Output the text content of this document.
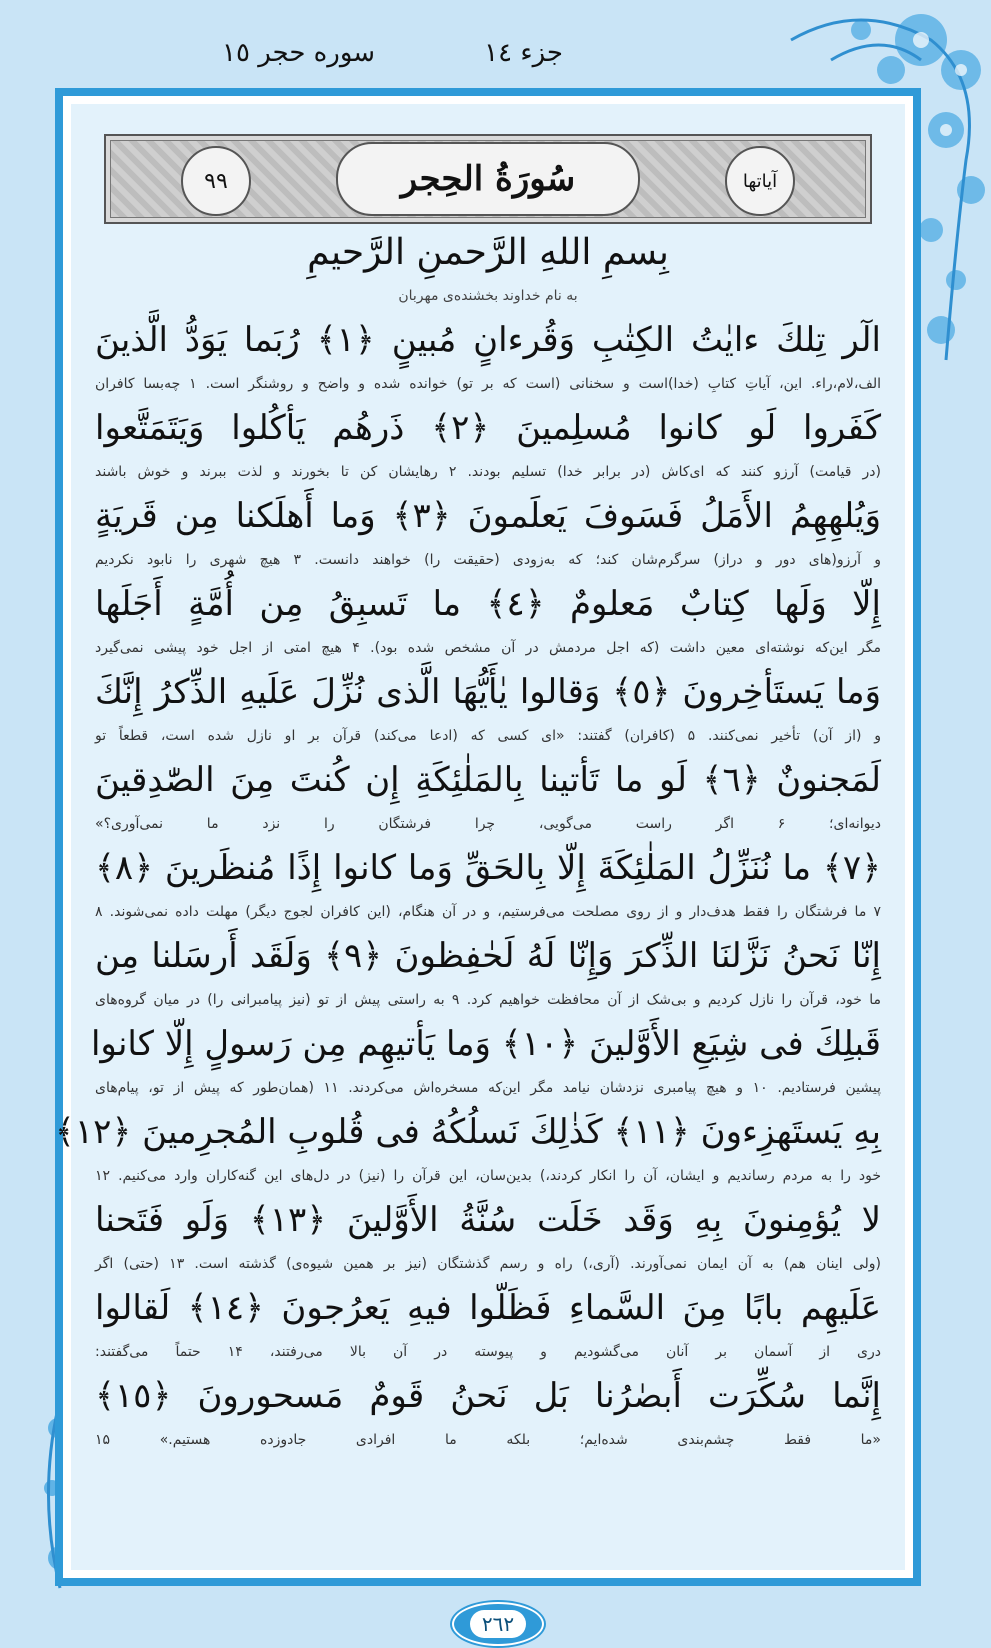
جزء ١٤
سوره حجر ١٥
٩٩	سُورَةُ الحِجر	آیاتها
بِسمِ اللهِ الرَّحمنِ الرَّحيمِ
به نام خداوند بخشنده‌ی مهربان
الٓر تِلكَ ءايٰتُ الكِتٰبِ وَقُرءانٍ مُبينٍ ﴿١﴾ رُبَما يَوَدُّ الَّذينَ
الف،لام،راء. این، آیاتِ کتابِ (خدا)است و سخنانی (است که بر تو) خوانده شده و واضح و روشنگر است. ۱ چه‌بسا کافران
كَفَروا لَو كانوا مُسلِمينَ ﴿٢﴾ ذَرهُم يَأكُلوا وَيَتَمَتَّعوا
(در قیامت) آرزو کنند که ای‌کاش (در برابر خدا) تسلیم بودند. ۲ رهایشان کن تا بخورند و لذت ببرند و خوش باشند
وَيُلهِهِمُ الأَمَلُ فَسَوفَ يَعلَمونَ ﴿٣﴾ وَما أَهلَكنا مِن قَريَةٍ
و آرزو(های دور و دراز) سرگرم‌شان کند؛ که به‌زودی (حقیقت را) خواهند دانست. ۳ هیچ شهری را نابود نکردیم
إِلّا وَلَها كِتابٌ مَعلومٌ ﴿٤﴾ ما تَسبِقُ مِن أُمَّةٍ أَجَلَها
مگر این‌که نوشته‌ای معین داشت (که اجل مردمش در آن مشخص شده بود). ۴ هیچ امتی از اجل خود پیشی نمی‌گیرد
وَما يَستَأخِرونَ ﴿٥﴾ وَقالوا يٰأَيُّهَا الَّذى نُزِّلَ عَلَيهِ الذِّكرُ إِنَّكَ
و (از آن) تأخیر نمی‌کنند. ۵ (کافران) گفتند: «ای کسی که (ادعا می‌کند) قرآن بر او نازل شده است، قطعاً تو
لَمَجنونٌ ﴿٦﴾ لَو ما تَأتينا بِالمَلٰئِكَةِ إِن كُنتَ مِنَ الصّٰدِقينَ
دیوانه‌ای؛ ۶ اگر راست می‌گویی، چرا فرشتگان را نزد ما نمی‌آوری؟»
﴿٧﴾ ما نُنَزِّلُ المَلٰئِكَةَ إِلّا بِالحَقِّ وَما كانوا إِذًا مُنظَرينَ ﴿٨﴾
۷ ما فرشتگان را فقط هدف‌دار و از روی مصلحت می‌فرستیم، و در آن هنگام، (این کافران لجوج دیگر) مهلت داده نمی‌شوند. ۸
إِنّا نَحنُ نَزَّلنَا الذِّكرَ وَإِنّا لَهُ لَحٰفِظونَ ﴿٩﴾ وَلَقَد أَرسَلنا مِن
ما خود، قرآن را نازل کردیم و بی‌شک از آن محافظت خواهیم کرد. ۹ به راستی پیش از تو (نیز پیامبرانی را) در میان گروه‌های
قَبلِكَ فى شِيَعِ الأَوَّلينَ ﴿١٠﴾ وَما يَأتيهِم مِن رَسولٍ إِلّا كانوا
پیشین فرستادیم. ۱۰ و هیچ پیامبری نزدشان نیامد مگر این‌که مسخره‌اش می‌کردند. ۱۱ (همان‌طور که پیش از تو، پیام‌های
بِهِ يَستَهزِءونَ ﴿١١﴾ كَذٰلِكَ نَسلُكُهُ فى قُلوبِ المُجرِمينَ ﴿١٢﴾
خود را به مردم رساندیم و ایشان، آن را انکار کردند،) بدین‌سان، این قرآن را (نیز) در دل‌های این گنه‌کاران وارد می‌کنیم. ۱۲
لا يُؤمِنونَ بِهِ وَقَد خَلَت سُنَّةُ الأَوَّلينَ ﴿١٣﴾ وَلَو فَتَحنا
(ولی اینان هم) به آن ایمان نمی‌آورند. (آری،) راه و رسم گذشتگان (نیز بر همین شیوه‌ی) گذشته است. ۱۳ (حتی) اگر
عَلَيهِم بابًا مِنَ السَّماءِ فَظَلّوا فيهِ يَعرُجونَ ﴿١٤﴾ لَقالوا
دری از آسمان بر آنان می‌گشودیم و پیوسته در آن بالا می‌رفتند، ۱۴ حتماً می‌گفتند:
إِنَّما سُكِّرَت أَبصٰرُنا بَل نَحنُ قَومٌ مَسحورونَ ﴿١٥﴾
«ما فقط چشم‌بندی شده‌ایم؛ بلکه ما افرادی جادوزده هستیم.» ۱۵
٢٦٢
